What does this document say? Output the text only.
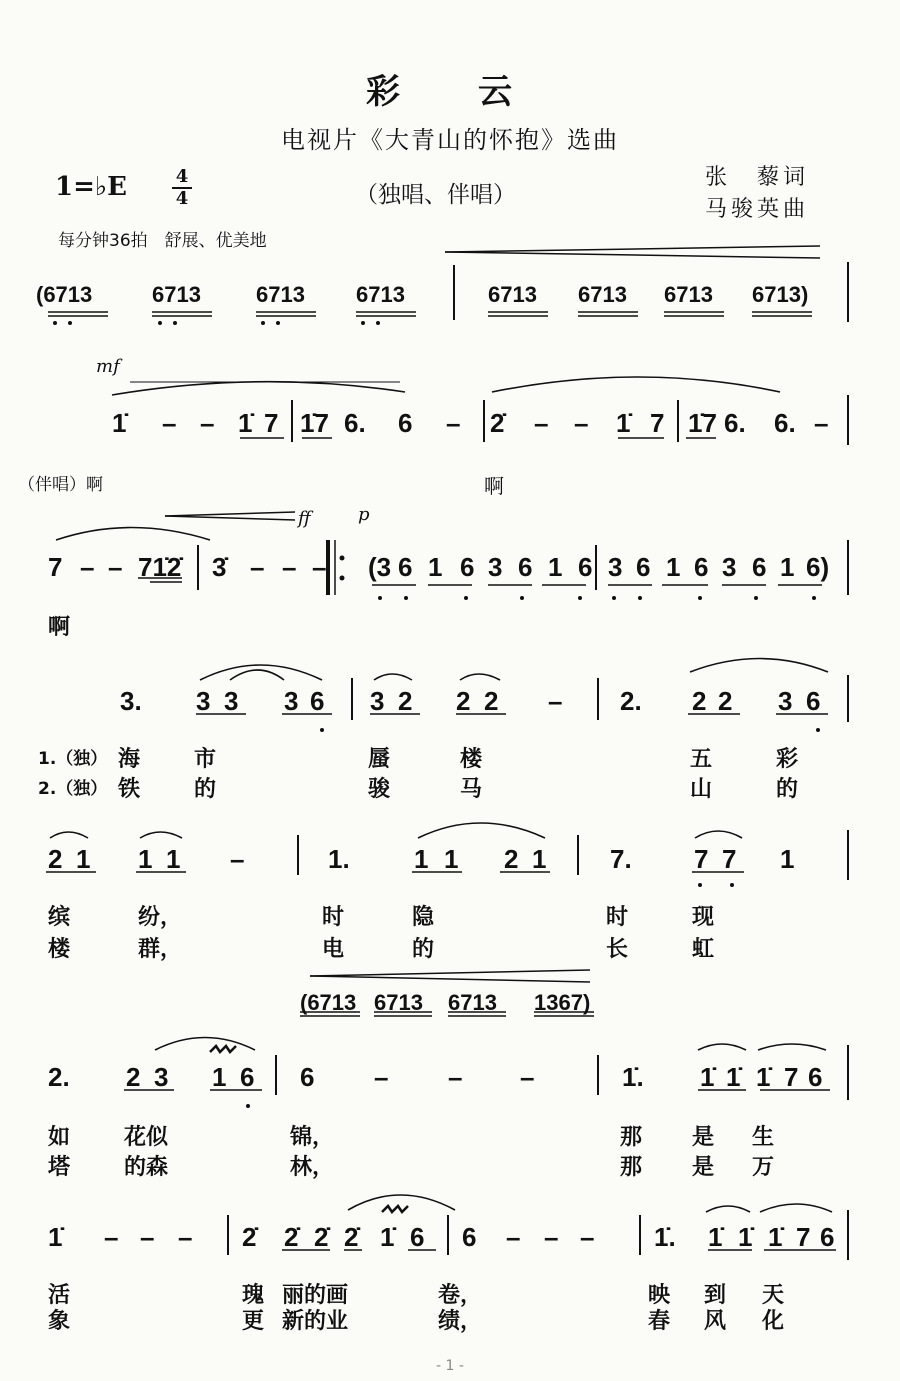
彩　云
电视片《大青山的怀抱》选曲
1=♭E	4
4	（独唱、伴唱）
张　藜词
马骏英曲
每分钟36拍　舒展、优美地
mf
ff	p
（伴唱）啊	啊
啊
1.（独）
2.（独）
(6713	6713	6713 6713	6713 6713 6713 6713)
1̇ – – 1̇ 7 1̇7 6. 6 – 2̇ – – 1̇ 7 1̇7 6. 6. –
7 – – 71̇2̇ 3̇ – – – (3 6 1 6 3 6 1 6 3 6 1 6 3 6 1 6)
3. 3 3 3 6 3 2 2 2 – 2. 2 2 3 6
2 1 1 1 –	1. 1 1 2 1 7. 7 7 1
(6713 6713 6713 1367)
2. 2 3 1 6 6 – – –	1̇. 1̇ 1̇ 1̇ 7 6
1̇ – – – 2̇ 2̇ 2̇ 2̇ 1̇ 6 6 – – – 1̇. 1̇ 1̇ 1̇ 7 6
海 市	蜃	楼	五	彩
铁 的	骏	马	山	的
缤	纷，	时	隐	时	现
楼	群，	电	的	长	虹
如 花似	锦，	那 是 生
塔 的森	林，	那 是 万
活	瑰 丽的画	卷，	映 到 天
象	更 新的业	绩，	春 风 化
- 1 -
